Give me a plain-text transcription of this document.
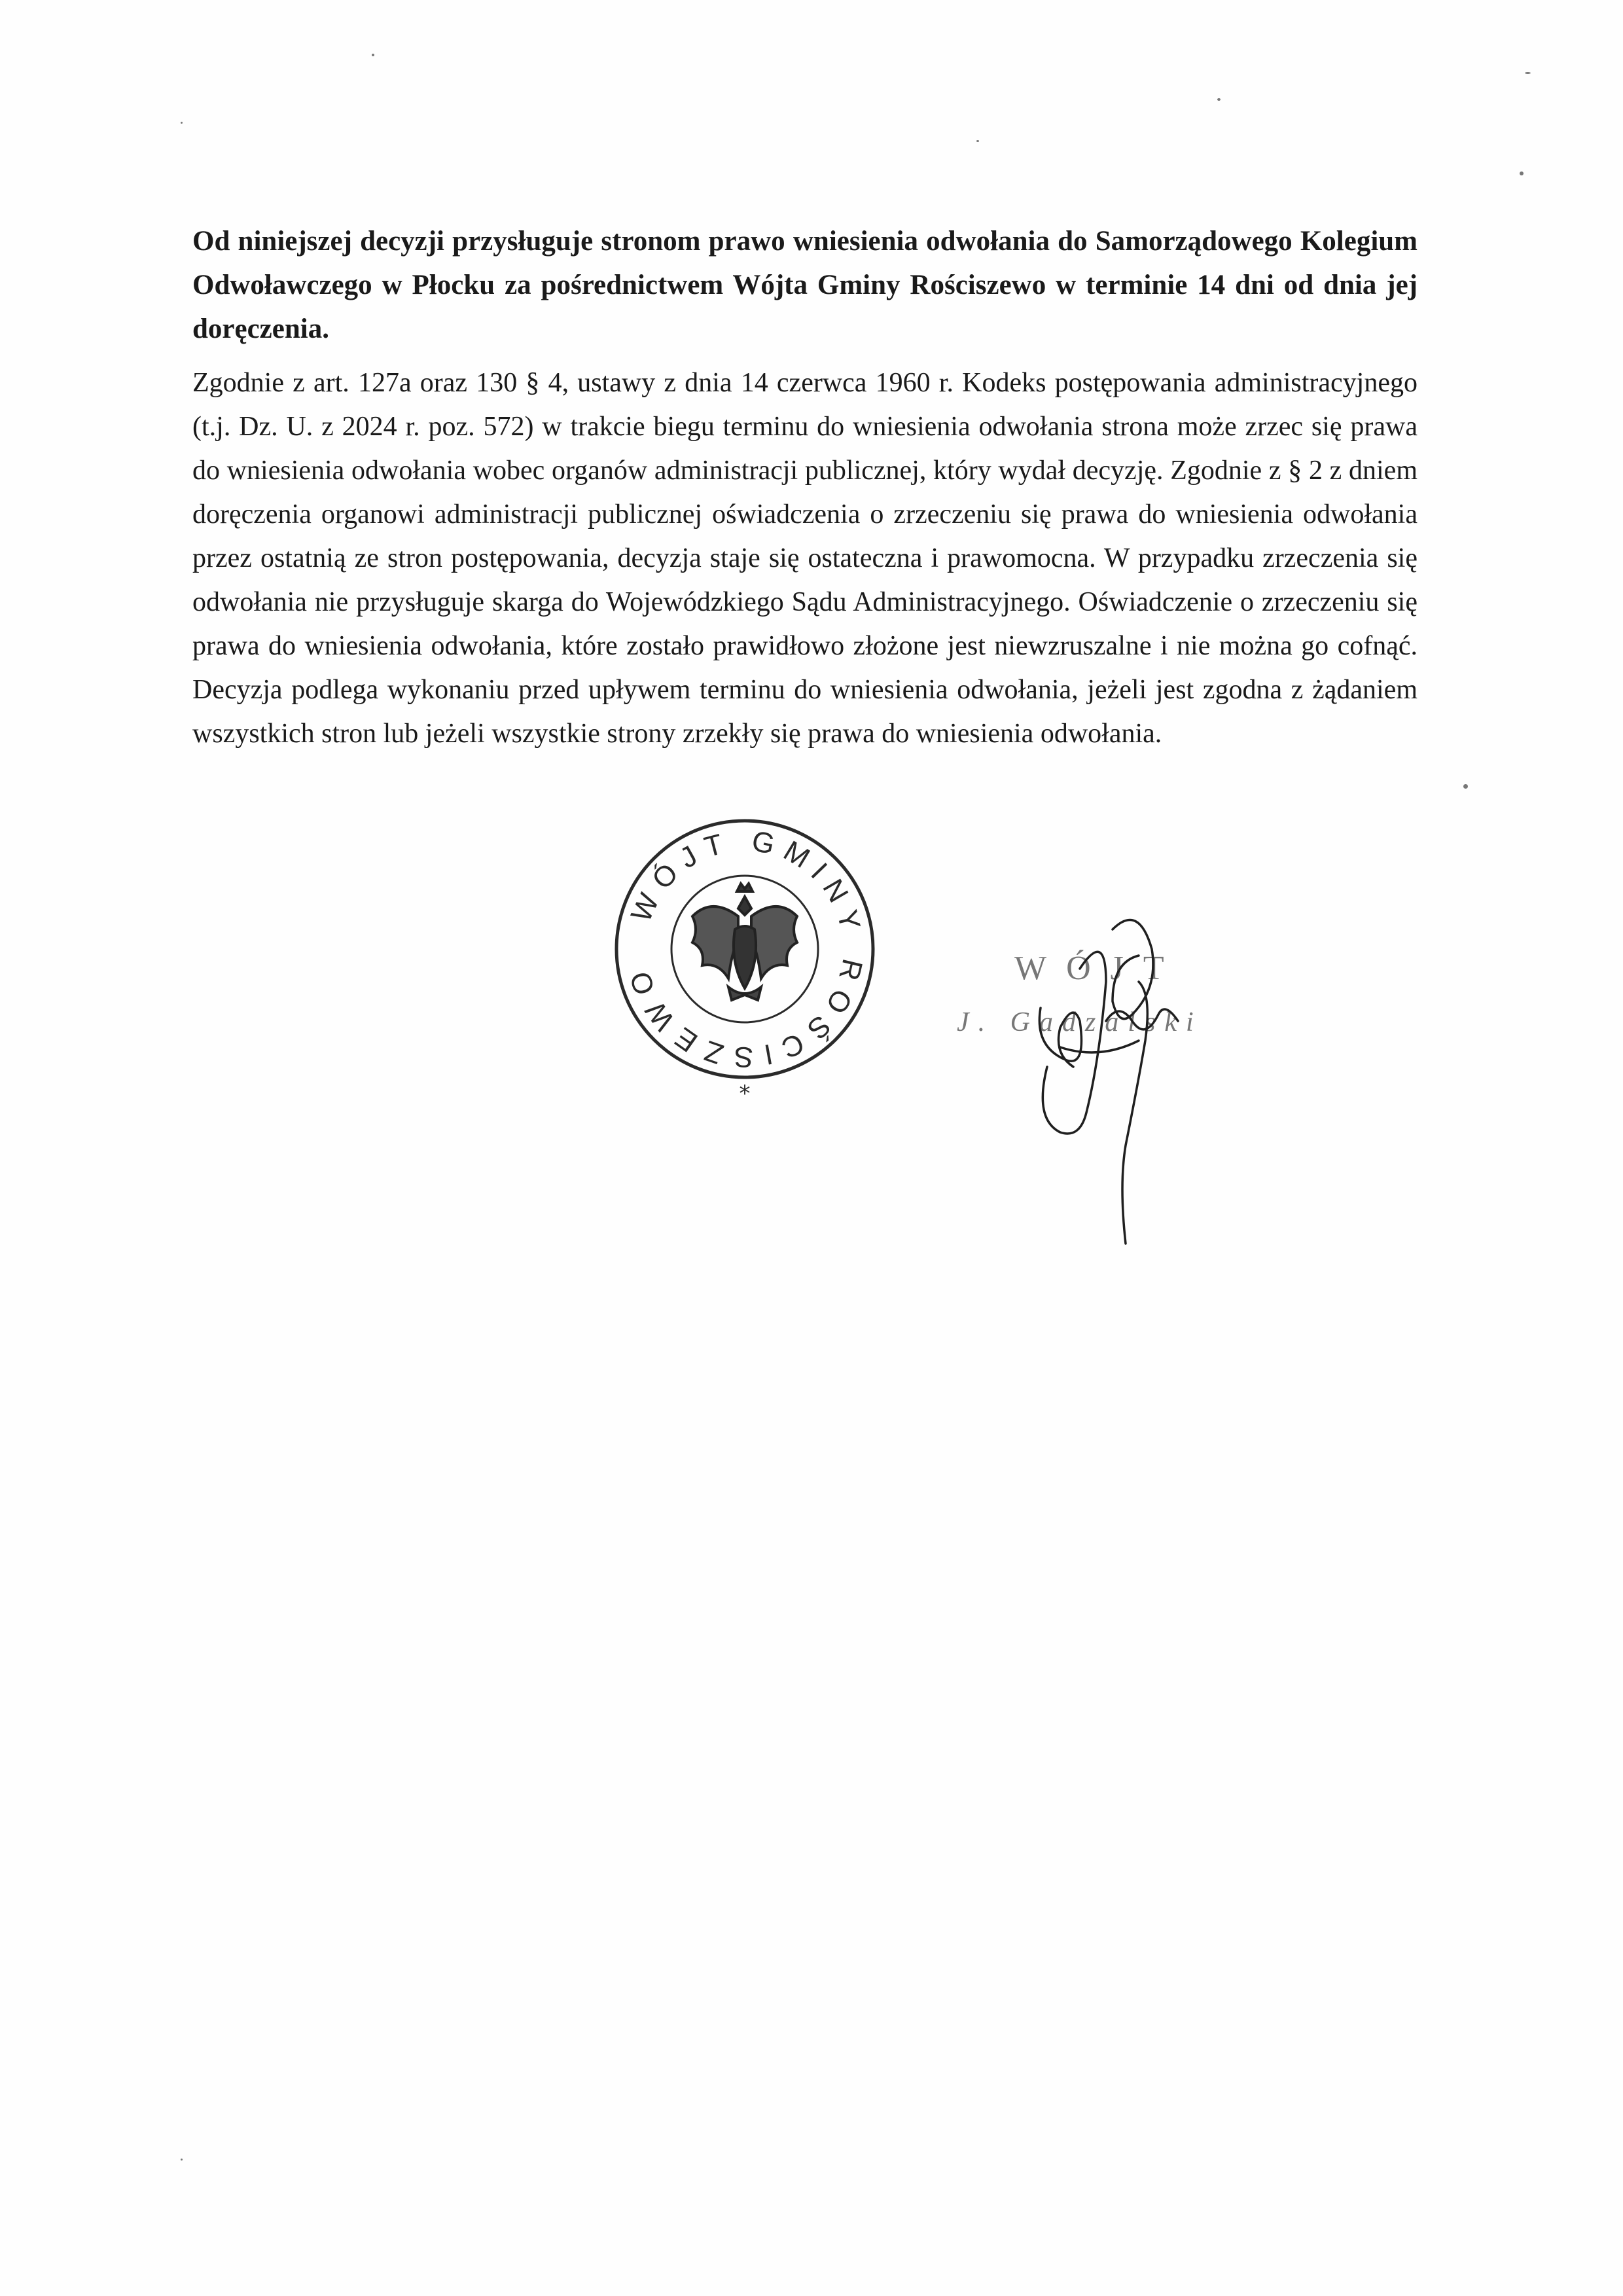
Od niniejszej decyzji przysługuje stronom prawo wniesienia odwołania do Samorządowego Kolegium Odwoławczego w Płocku za pośrednictwem Wójta Gminy Rościszewo w terminie 14 dni od dnia jej doręczenia.

Zgodnie z art. 127a oraz 130 § 4, ustawy z dnia 14 czerwca 1960 r. Kodeks postępowania administracyjnego (t.j. Dz. U. z 2024 r. poz. 572) w trakcie biegu terminu do wniesienia odwołania strona może zrzec się prawa do wniesienia odwołania wobec organów administracji publicznej, który wydał decyzję. Zgodnie z § 2 z dniem doręczenia organowi administracji publicznej oświadczenia o zrzeczeniu się prawa do wniesienia odwołania przez ostatnią ze stron postępowania, decyzja staje się ostateczna i prawomocna. W przypadku zrzeczenia się odwołania nie przysługuje skarga do Wojewódzkiego Sądu Administracyjnego. Oświadczenie o zrzeczeniu się prawa do wniesienia odwołania, które zostało prawidłowo złożone jest niewzruszalne i nie można go cofnąć. Decyzja podlega wykonaniu przed upływem terminu do wniesienia odwołania, jeżeli jest zgodna z żądaniem wszystkich stron lub jeżeli wszystkie strony zrzekły się prawa do wniesienia odwołania.

WÓJT GMINY ROŚCISZEWO
*
WÓJT
J. Gadzalski
